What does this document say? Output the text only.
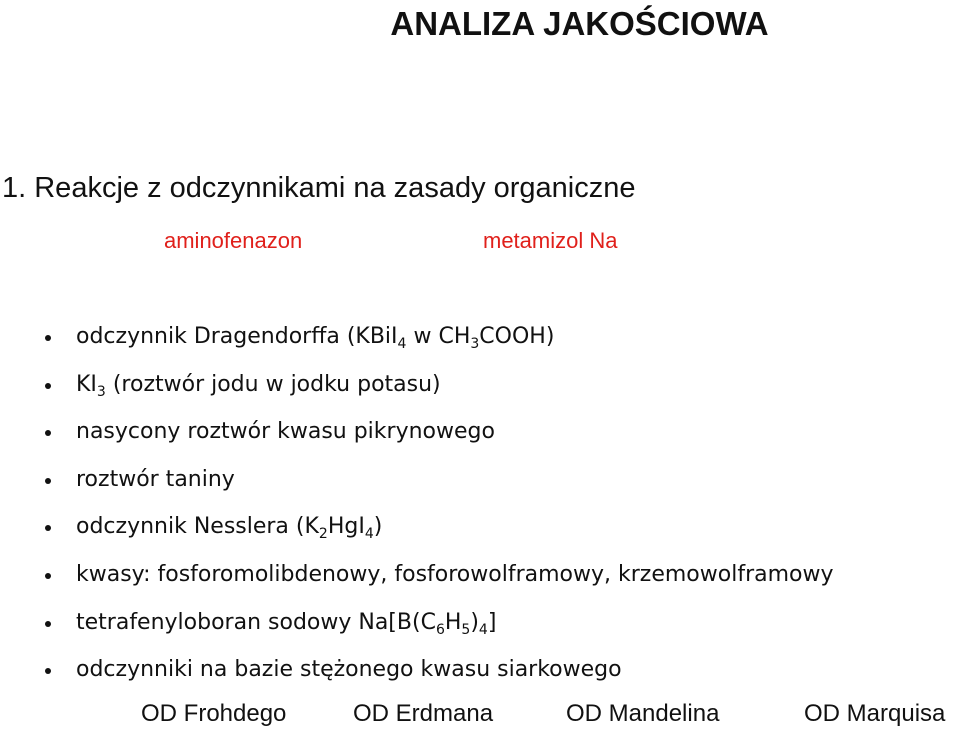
ANALIZA JAKOŚCIOWA
1. Reakcje z odczynnikami na zasady organiczne
aminofenazon	metamizol Na
odczynnik Dragendorffa (KBiI$_4$ w $CH_3COOH$)
$KI_3$ (roztwór jodu w jodku potasu)
nasycony roztwór kwasu pikrynowego
roztwór taniny
odczynnik Nesslera $(K_2HgI_4)$
kwasy: fosforomolibdenowy, fosforowolframowy, krzemowolframowy
tetrafenyloboran sodowy $Na[B(C_6H_5)_4]$
odczynniki na bazie stężonego kwasu siarkowego
OD Frohdego	OD Erdmana	OD Mandelina	OD Marquisa
